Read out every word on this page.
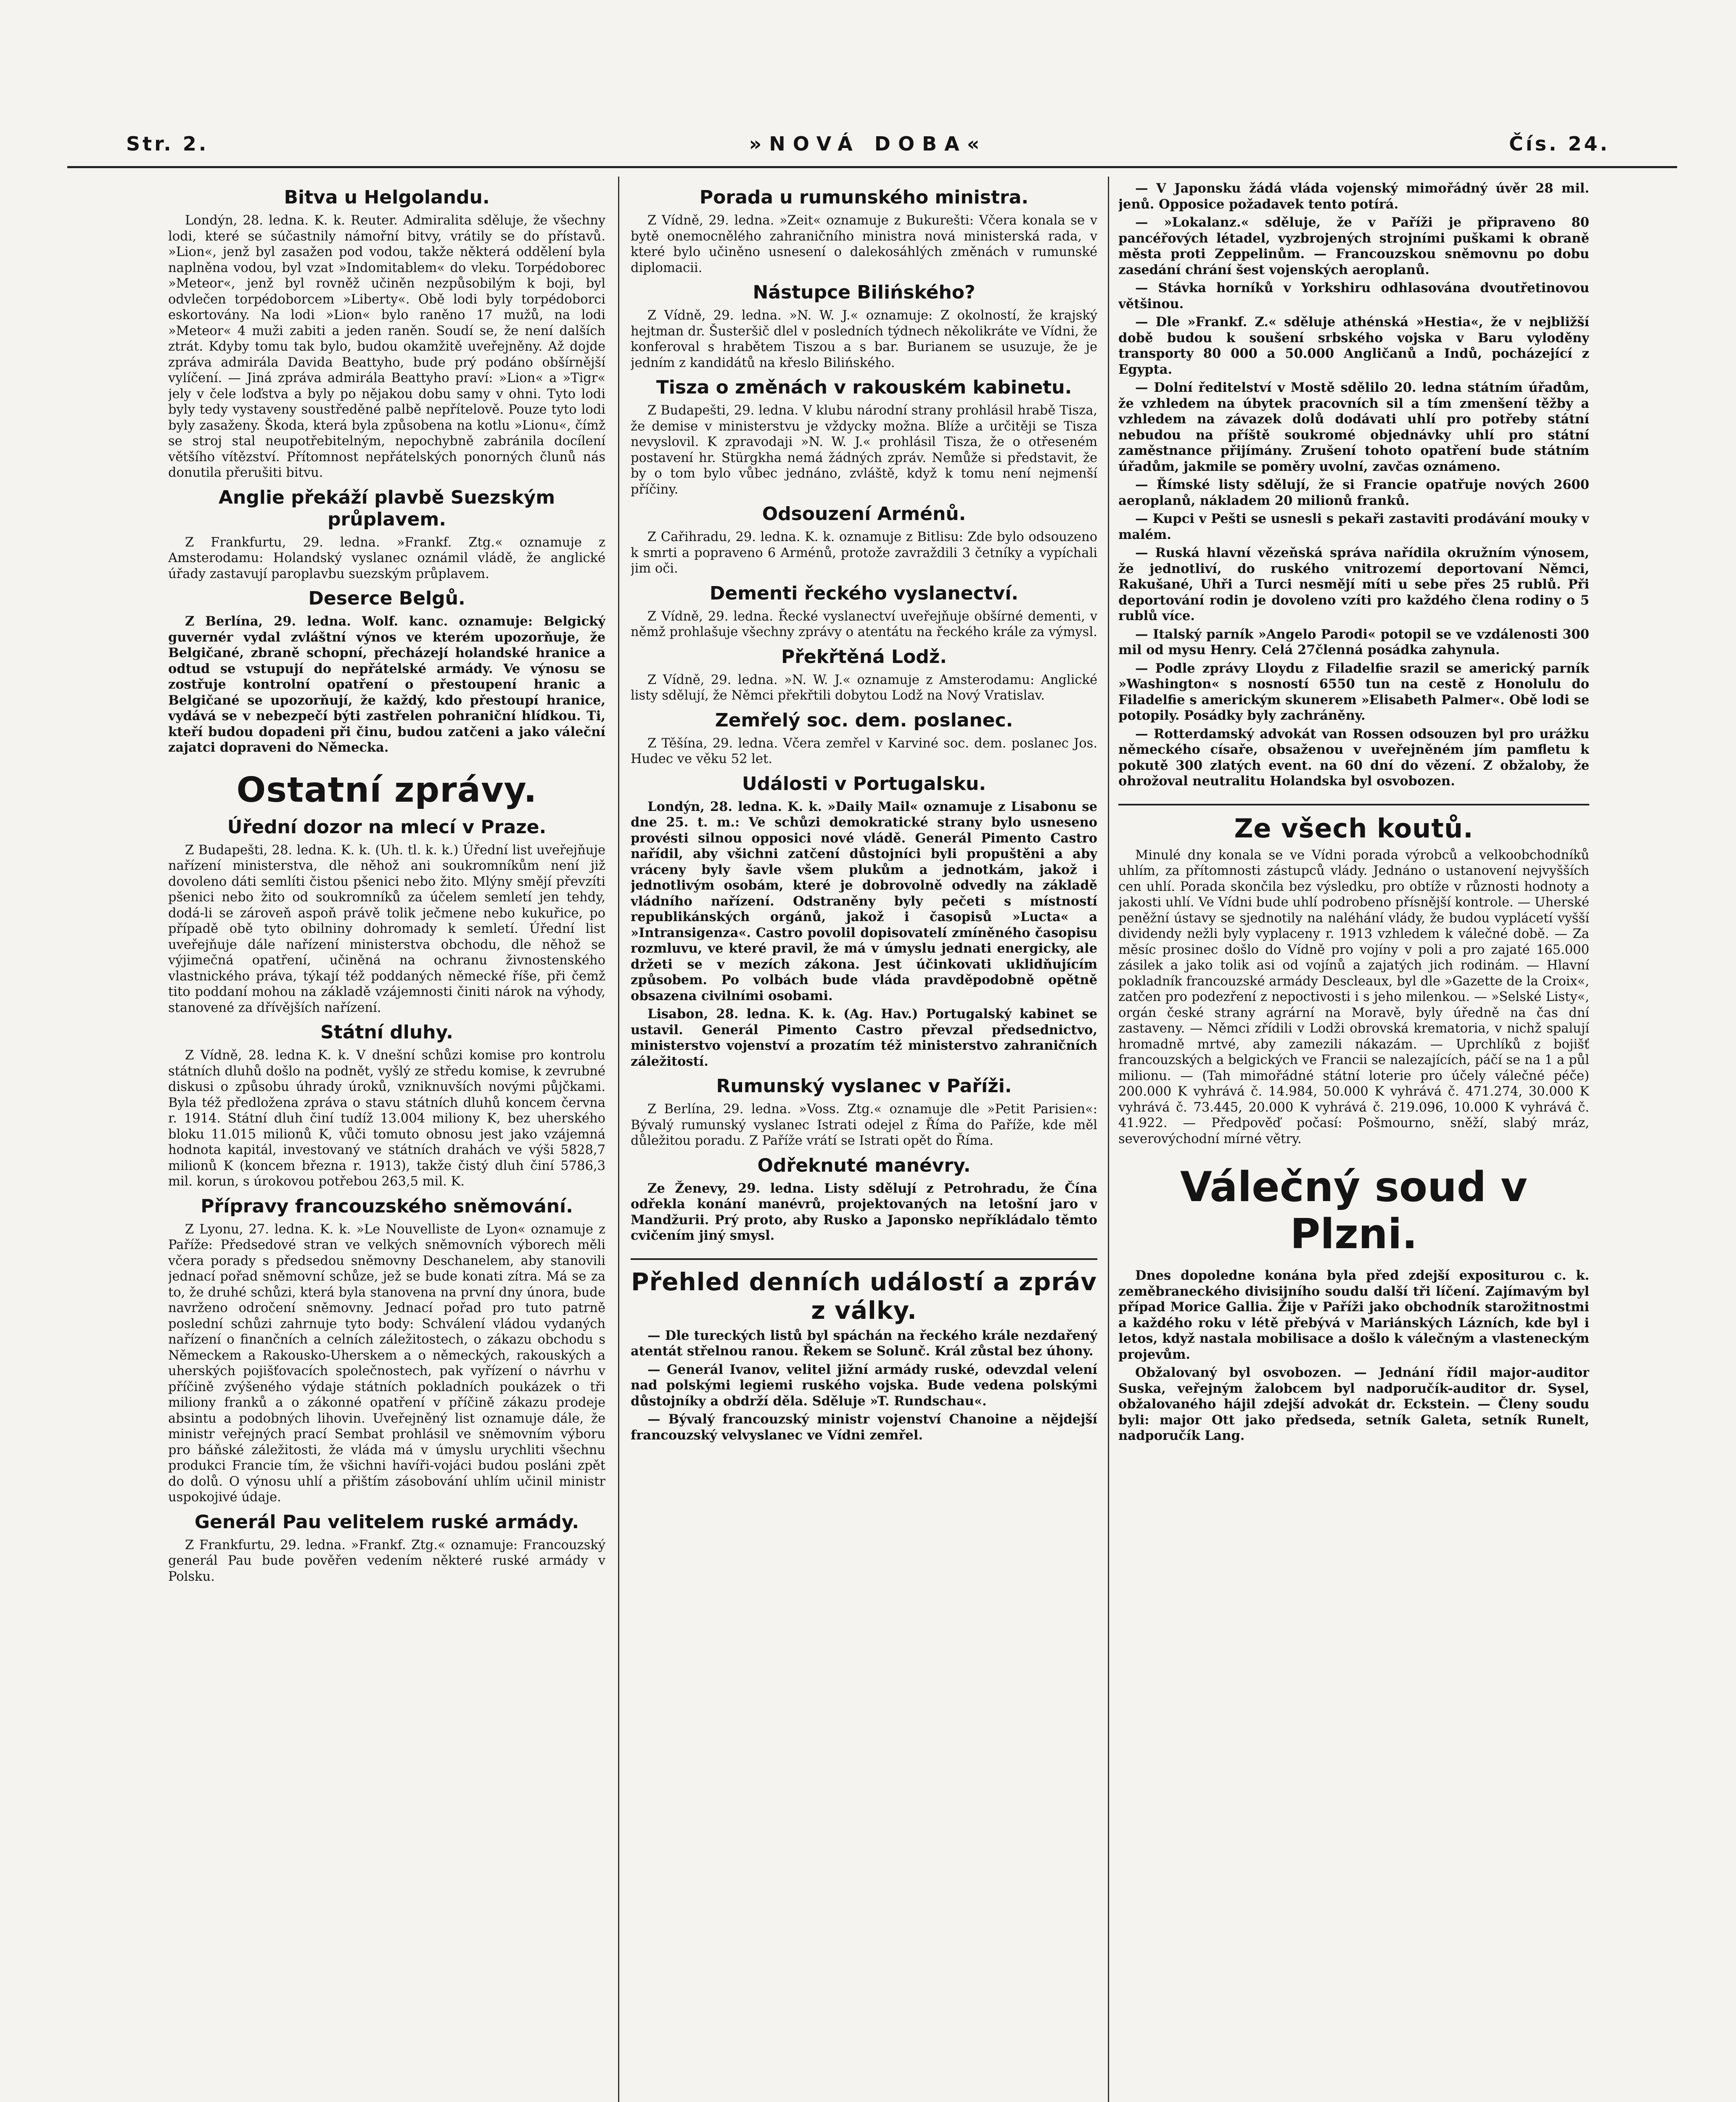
Str. 2.	»NOVÁ DOBA«	Čís. 24.
Bitva u Helgolandu.

Londýn, 28. ledna. K. k. Reuter. Admiralita sděluje, že všechny lodi, které se súčastnily námořní bitvy, vrátily se do přístavů. »Lion«, jenž byl zasažen pod vodou, takže některá oddělení byla naplněna vodou, byl vzat »Indomitablem« do vleku. Torpédoborec »Meteor«, jenž byl rovněž učiněn nezpůsobilým k boji, byl odvlečen torpédoborcem »Liberty«. Obě lodi byly torpédoborci eskortovány. Na lodi »Lion« bylo raněno 17 mužů, na lodi »Meteor« 4 muži zabiti a jeden raněn. Soudí se, že není dalších ztrát. Kdyby tomu tak bylo, budou okamžitě uveřejněny. Až dojde zpráva admirála Davida Beattyho, bude prý podáno obšírnější vylíčení. — Jiná zpráva admirála Beattyho praví: »Lion« a »Tigr« jely v čele loďstva a byly po nějakou dobu samy v ohni. Tyto lodi byly tedy vystaveny soustředěné palbě nepřítelově. Pouze tyto lodi byly zasaženy. Škoda, která byla způsobena na kotlu »Lionu«, čímž se stroj stal neupotřebitelným, nepochybně zabránila docílení většího vítězství. Přítomnost nepřátelských ponorných člunů nás donutila přerušiti bitvu.

Anglie překáží plavbě Suezským průplavem.

Z Frankfurtu, 29. ledna. »Frankf. Ztg.« oznamuje z Amsterodamu: Holandský vyslanec oznámil vládě, že anglické úřady zastavují paroplavbu suezským průplavem.

Deserce Belgů.

Z Berlína, 29. ledna. Wolf. kanc. oznamuje: Belgický guvernér vydal zvláštní výnos ve kterém upozorňuje, že Belgičané, zbraně schopní, přecházejí holandské hranice a odtud se vstupují do nepřátelské armády. Ve výnosu se zostřuje kontrolní opatření o přestoupení hranic a Belgičané se upozorňují, že každý, kdo přestoupí hranice, vydává se v nebezpečí býti zastřelen pohraniční hlídkou. Ti, kteří budou dopadeni při činu, budou zatčeni a jako váleční zajatci dopraveni do Německa.

Ostatní zprávy.
Úřední dozor na mlecí v Praze.

Z Budapešti, 28. ledna. K. k. (Uh. tl. k. k.) Úřední list uveřejňuje nařízení ministerstva, dle něhož ani soukromníkům není již dovoleno dáti semlíti čistou pšenici nebo žito. Mlýny smějí převzíti pšenici nebo žito od soukromníků za účelem semletí jen tehdy, dodá-li se zároveň aspoň právě tolik ječmene nebo kukuřice, po případě obě tyto obilniny dohromady k semletí. Úřední list uveřejňuje dále nařízení ministerstva obchodu, dle něhož se výjimečná opatření, učiněná na ochranu živnostenského vlastnického práva, týkají též poddaných německé říše, při čemž tito poddaní mohou na základě vzájemnosti činiti nárok na výhody, stanovené za dřívějších nařízení.

Státní dluhy.

Z Vídně, 28. ledna K. k. V dnešní schůzi komise pro kontrolu státních dluhů došlo na podnět, vyšlý ze středu komise, k zevrubné diskusi o způsobu úhrady úroků, vzniknuvších novými půjčkami. Byla též předložena zpráva o stavu státních dluhů koncem června r. 1914. Státní dluh činí tudíž 13.004 miliony K, bez uherského bloku 11.015 milionů K, vůči tomuto obnosu jest jako vzájemná hodnota kapitál, investovaný ve státních drahách ve výši 5828,7 milionů K (koncem března r. 1913), takže čistý dluh činí 5786,3 mil. korun, s úrokovou potřebou 263,5 mil. K.

Přípravy francouzského sněmování.

Z Lyonu, 27. ledna. K. k. »Le Nouvelliste de Lyon« oznamuje z Paříže: Předsedové stran ve velkých sněmovních výborech měli včera porady s předsedou sněmovny Deschanelem, aby stanovili jednací pořad sněmovní schůze, jež se bude konati zítra. Má se za to, že druhé schůzi, která byla stanovena na první dny února, bude navrženo odročení sněmovny. Jednací pořad pro tuto patrně poslední schůzi zahrnuje tyto body: Schválení vládou vydaných nařízení o finančních a celních záležitostech, o zákazu obchodu s Německem a Rakousko-Uherskem a o německých, rakouských a uherských pojišťovacích společnostech, pak vyřízení o návrhu v příčině zvýšeného výdaje státních pokladních poukázek o tři miliony franků a o zákonné opatření v příčině zákazu prodeje absintu a podobných lihovin. Uveřejněný list oznamuje dále, že ministr veřejných prací Sembat prohlásil ve sněmovním výboru pro báňské záležitosti, že vláda má v úmyslu urychliti všechnu produkci Francie tím, že všichni havíři-vojáci budou posláni zpět do dolů. O výnosu uhlí a přištím zásobování uhlím učinil ministr uspokojivé údaje.

Generál Pau velitelem ruské armády.

Z Frankfurtu, 29. ledna. »Frankf. Ztg.« oznamuje: Francouzský generál Pau bude pověřen vedením některé ruské armády v Polsku.

Porada u rumunského ministra.

Z Vídně, 29. ledna. »Zeit« oznamuje z Bukurešti: Včera konala se v bytě onemocnělého zahraničního ministra nová ministerská rada, v které bylo učiněno usnesení o dalekosáhlých změnách v rumunské diplomacii.

Nástupce Bilińského?

Z Vídně, 29. ledna. »N. W. J.« oznamuje: Z okolností, že krajský hejtman dr. Šusteršič dlel v posledních týdnech několikráte ve Vídni, že konferoval s hrabětem Tiszou a s bar. Burianem se usuzuje, že je jedním z kandidátů na křeslo Bilińského.

Tisza o změnách v rakouském kabinetu.

Z Budapešti, 29. ledna. V klubu národní strany prohlásil hrabě Tisza, že demise v ministerstvu je vždycky možna. Blíže a určitěji se Tisza nevyslovil. K zpravodaji »N. W. J.« prohlásil Tisza, že o otřeseném postavení hr. Stürgkha nemá žádných zpráv. Nemůže si představit, že by o tom bylo vůbec jednáno, zvláště, když k tomu není nejmenší příčiny.

Odsouzení Arménů.

Z Cařihradu, 29. ledna. K. k. oznamuje z Bitlisu: Zde bylo odsouzeno k smrti a popraveno 6 Arménů, protože zavraždili 3 četníky a vypíchali jim oči.

Dementi řeckého vyslanectví.

Z Vídně, 29. ledna. Řecké vyslanectví uveřejňuje obšírné dementi, v němž prohlašuje všechny zprávy o atentátu na řeckého krále za výmysl.

Překřtěná Lodž.

Z Vídně, 29. ledna. »N. W. J.« oznamuje z Amsterodamu: Anglické listy sdělují, že Němci překřtili dobytou Lodž na Nový Vratislav.

Zemřelý soc. dem. poslanec.

Z Těšína, 29. ledna. Včera zemřel v Karviné soc. dem. poslanec Jos. Hudec ve věku 52 let.

Události v Portugalsku.

Londýn, 28. ledna. K. k. »Daily Mail« oznamuje z Lisabonu se dne 25. t. m.: Ve schůzi demokratické strany bylo usneseno provésti silnou opposici nové vládě. Generál Pimento Castro nařídil, aby všichni zatčení důstojníci byli propuštěni a aby vráceny byly šavle všem plukům a jednotkám, jakož i jednotlivým osobám, které je dobrovolně odvedly na základě vládního nařízení. Odstraněny byly pečeti s místností republikánských orgánů, jakož i časopisů »Lucta« a »Intransigenza«. Castro povolil dopisovatelí zmíněného časopisu rozmluvu, ve které pravil, že má v úmyslu jednati energicky, ale držeti se v mezích zákona. Jest účinkovati uklidňujícím způsobem. Po volbách bude vláda pravděpodobně opětně obsazena civilními osobami.

Lisabon, 28. ledna. K. k. (Ag. Hav.) Portugalský kabinet se ustavil. Generál Pimento Castro převzal předsednictvo, ministerstvo vojenství a prozatím též ministerstvo zahraničních záležitostí.

Rumunský vyslanec v Paříži.

Z Berlína, 29. ledna. »Voss. Ztg.« oznamuje dle »Petit Parisien«: Bývalý rumunský vyslanec Istrati odejel z Říma do Paříže, kde měl důležitou poradu. Z Paříže vrátí se Istrati opět do Říma.

Odřeknuté manévry.

Ze Ženevy, 29. ledna. Listy sdělují z Petrohradu, že Čína odřekla konání manévrů, projektovaných na letošní jaro v Mandžurii. Prý proto, aby Rusko a Japonsko nepříkládalo těmto cvičením jiný smysl.

Přehled denních událostí a zpráv z války.

— Dle tureckých listů byl spáchán na řeckého krále nezdařený atentát střelnou ranou. Řekem se Solunč. Král zůstal bez úhony.

— Generál Ivanov, velitel jižní armády ruské, odevzdal velení nad polskými legiemi ruského vojska. Bude vedena polskými důstojníky a obdrží děla. Sděluje »T. Rundschau«.

— Bývalý francouzský ministr vojenství Chanoine a nějdejší francouzský velvyslanec ve Vídni zemřel.

— V Japonsku žádá vláda vojenský mimořádný úvěr 28 mil. jenů. Opposice požadavek tento potírá.

— »Lokalanz.« sděluje, že v Paříži je připraveno 80 pancéřových létadel, vyzbrojených strojními puškami k obraně města proti Zeppelinům. — Francouzskou sněmovnu po dobu zasedání chrání šest vojenských aeroplanů.

— Stávka horníků v Yorkshiru odhlasována dvoutřetinovou většinou.

— Dle »Frankf. Z.« sděluje athénská »Hestia«, že v nejbližší době budou k soušení srbského vojska v Baru vyloděny transporty 80 000 a 50.000 Angličanů a Indů, pocházející z Egypta.

— Dolní ředitelství v Mostě sdělilo 20. ledna státním úřadům, že vzhledem na úbytek pracovních sil a tím zmenšení těžby a vzhledem na závazek dolů dodávati uhlí pro potřeby státní nebudou na příště soukromé objednávky uhlí pro státní zaměstnance přijímány. Zrušení tohoto opatření bude státním úřadům, jakmile se poměry uvolní, zavčas oznámeno.

— Římské listy sdělují, že si Francie opatřuje nových 2600 aeroplanů, nákladem 20 milionů franků.

— Kupci v Pešti se usnesli s pekaři zastaviti prodávání mouky v malém.

— Ruská hlavní vězeňská správa nařídila okružním výnosem, že jednotliví, do ruského vnitrozemí deportovaní Němci, Rakušané, Uhři a Turci nesmějí míti u sebe přes 25 rublů. Při deportování rodin je dovoleno vzíti pro každého člena rodiny o 5 rublů více.

— Italský parník »Angelo Parodi« potopil se ve vzdálenosti 300 mil od mysu Henry. Celá 27členná posádka zahynula.

— Podle zprávy Lloydu z Filadelfie srazil se americký parník »Washington« s nosností 6550 tun na cestě z Honolulu do Filadelfie s americkým skunerem »Elisabeth Palmer«. Obě lodi se potopily. Posádky byly zachráněny.

— Rotterdamský advokát van Rossen odsouzen byl pro urážku německého císaře, obsaženou v uveřejněném jím pamfletu k pokutě 300 zlatých event. na 60 dní do vězení. Z obžaloby, že ohrožoval neutralitu Holandska byl osvobozen.

Ze všech koutů.

Minulé dny konala se ve Vídni porada výrobců a velkoobchodníků uhlím, za přítomnosti zástupců vlády. Jednáno o ustanovení nejvyšších cen uhlí. Porada skončila bez výsledku, pro obtíže v různosti hodnoty a jakosti uhlí. Ve Vídni bude uhlí podrobeno přísnější kontrole. — Uherské peněžní ústavy se sjednotily na naléhání vlády, že budou vyplácetí vyšší dividendy nežli byly vyplaceny r. 1913 vzhledem k válečné době. — Za měsíc prosinec došlo do Vídně pro vojíny v poli a pro zajaté 165.000 zásilek a jako tolik asi od vojínů a zajatých jich rodinám. — Hlavní pokladník francouzské armády Descleaux, byl dle »Gazette de la Croix«, zatčen pro podezření z nepoctivosti i s jeho milenkou. — »Selské Listy«, orgán české strany agrární na Moravě, byly úředně na čas dní zastaveny. — Němci zřídili v Lodži obrovská krematoria, v nichž spalují hromadně mrtvé, aby zamezili nákazám. — Uprchlíků z bojišť francouzských a belgických ve Francii se nalezajících, páčí se na 1 a půl milionu. — (Tah mimořádné státní loterie pro účely válečné péče) 200.000 K vyhrává č. 14.984, 50.000 K vyhrává č. 471.274, 30.000 K vyhrává č. 73.445, 20.000 K vyhrává č. 219.096, 10.000 K vyhrává č. 41.922. — Předpověď počasí: Pošmourno, sněží, slabý mráz, severovýchodní mírné větry.

Válečný soud v Plzni.

Dnes dopoledne konána byla před zdejší expositurou c. k. zeměbraneckého divisijního soudu další tři líčení. Zajímavým byl případ Morice Gallia. Žije v Paříži jako obchodník starožitnostmi a každého roku v létě přebývá v Mariánských Lázních, kde byl i letos, když nastala mobilisace a došlo k válečným a vlasteneckým projevům.

Obžalovaný byl osvobozen. — Jednání řídil major-auditor Suska, veřejným žalobcem byl nadporučík-auditor dr. Sysel, obžalovaného hájil zdejší advokát dr. Eckstein. — Členy soudu byli: major Ott jako předseda, setník Galeta, setník Runelt, nadporučík Lang.
